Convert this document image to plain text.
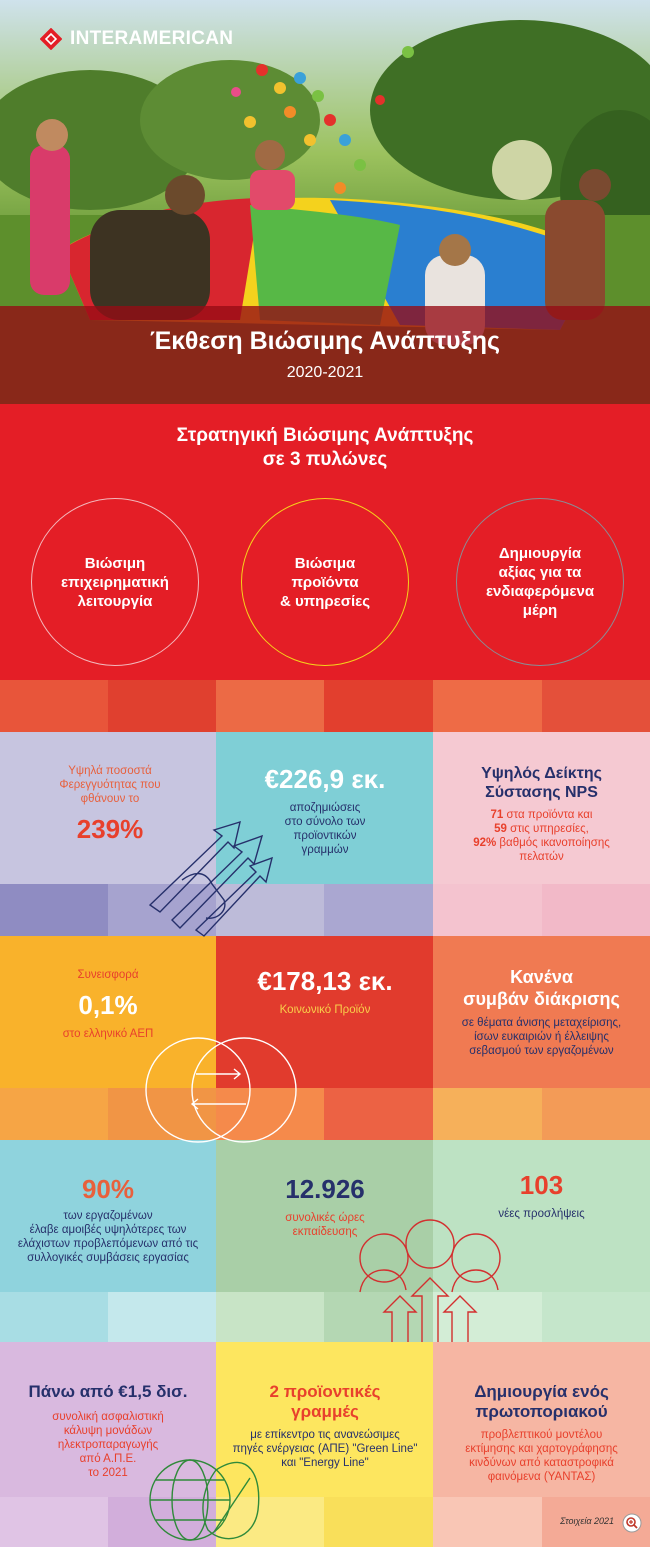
INTERAMERICAN
Έκθεση Βιώσιμης Ανάπτυξης
2020-2021
Στρατηγική Βιώσιμης Ανάπτυξης
σε 3 πυλώνες
Βιώσιμη
επιχειρηματική
λειτουργία
Βιώσιμα
προϊόντα
& υπηρεσίες
Δημιουργία
αξίας για τα
ενδιαφερόμενα
μέρη
Υψηλά ποσοστά
Φερεγγυότητας που
φθάνουν το
239%
€226,9 εκ.
αποζημιώσεις
στο σύνολο των
προϊοντικών
γραμμών
Υψηλός Δείκτης
Σύστασης NPS
71 στα προϊόντα και
59 στις υπηρεσίες,
92% βαθμός ικανοποίησης
πελατών
Συνεισφορά
0,1%
στο ελληνικό ΑΕΠ
€178,13 εκ.
Κοινωνικό Προϊόν
Κανένα
συμβάν διάκρισης
σε θέματα άνισης μεταχείρισης,
ίσων ευκαιριών ή έλλειψης
σεβασμού των εργαζομένων
90%
των εργαζομένων
έλαβε αμοιβές υψηλότερες των
ελάχιστων προβλεπόμενων από τις
συλλογικές συμβάσεις εργασίας
12.926
συνολικές ώρες
εκπαίδευσης
103
νέες προσλήψεις
Πάνω από €1,5 δισ.
συνολική ασφαλιστική
κάλυψη μονάδων
ηλεκτροπαραγωγής
από Α.Π.Ε.
το 2021
2 προϊοντικές
γραμμές
με επίκεντρο τις ανανεώσιμες
πηγές ενέργειας (ΑΠΕ) "Green Line"
και "Energy Line"
Δημιουργία ενός
πρωτοποριακού
προβλεπτικού μοντέλου
εκτίμησης και χαρτογράφησης
κινδύνων από καταστροφικά
φαινόμενα (ΥΑΝΤΑΣ)
Στοιχεία 2021
